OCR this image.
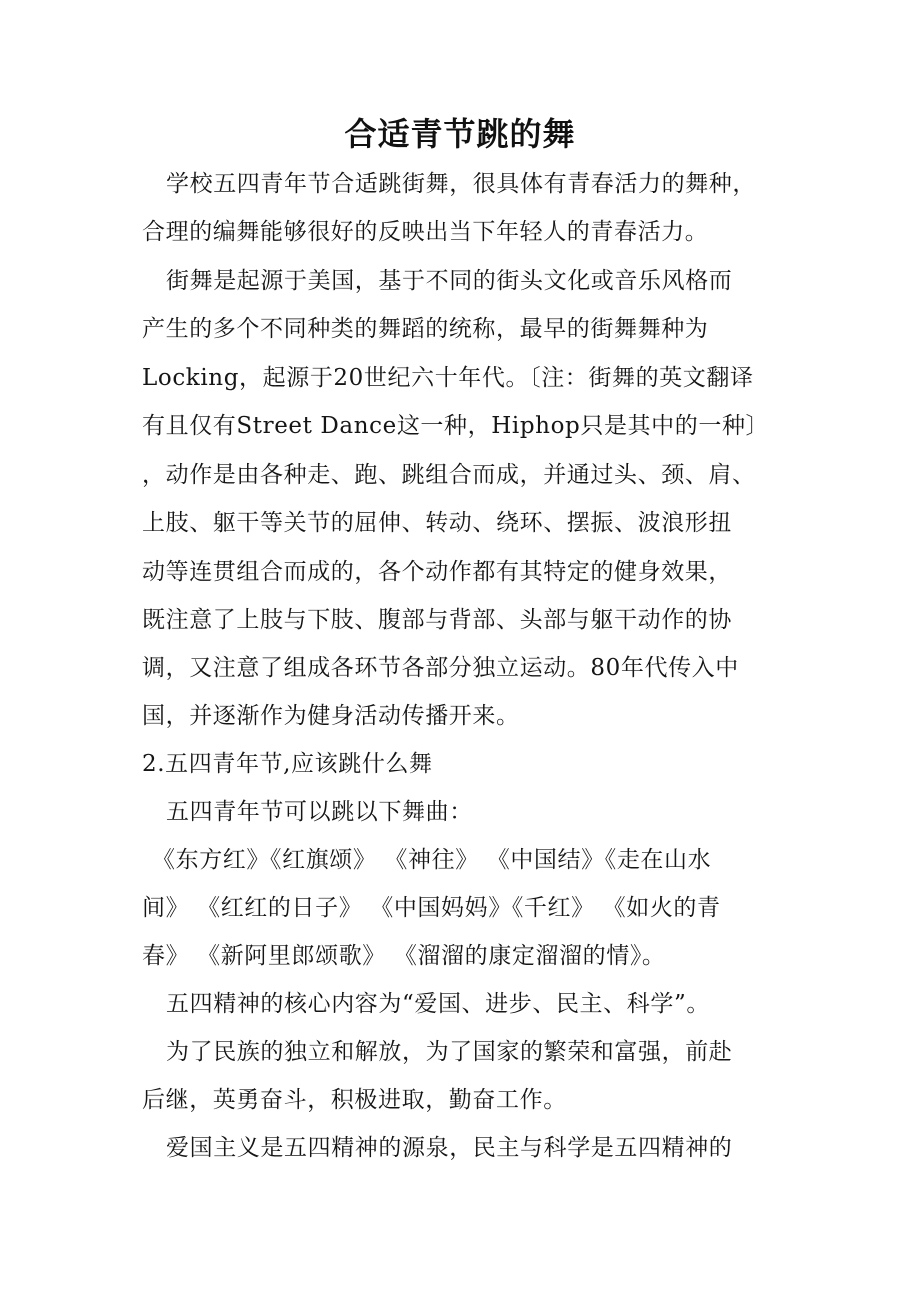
合适青节跳的舞
学校五四青年节合适跳街舞，很具体有青春活力的舞种，
合理的编舞能够很好的反映出当下年轻人的青春活力。
街舞是起源于美国，基于不同的街头文化或音乐风格而
产生的多个不同种类的舞蹈的统称，最早的街舞舞种为
Locking，起源于20世纪六十年代。〔注：街舞的英文翻译
有且仅有Street Dance这一种，Hiphop只是其中的一种〕
，动作是由各种走、跑、跳组合而成，并通过头、颈、肩、
上肢、躯干等关节的屈伸、转动、绕环、摆振、波浪形扭
动等连贯组合而成的，各个动作都有其特定的健身效果，
既注意了上肢与下肢、腹部与背部、头部与躯干动作的协
调，又注意了组成各环节各部分独立运动。80年代传入中
国，并逐渐作为健身活动传播开来。
2.五四青年节,应该跳什么舞
五四青年节可以跳以下舞曲：
《东方红》《红旗颂》 《神往》 《中国结》《走在山水
间》 《红红的日子》 《中国妈妈》《千红》 《如火的青
春》 《新阿里郎颂歌》 《溜溜的康定溜溜的情》。
五四精神的核心内容为“爱国、进步、民主、科学”。
为了民族的独立和解放，为了国家的繁荣和富强，前赴
后继，英勇奋斗，积极进取，勤奋工作。
爱国主义是五四精神的源泉，民主与科学是五四精神的
